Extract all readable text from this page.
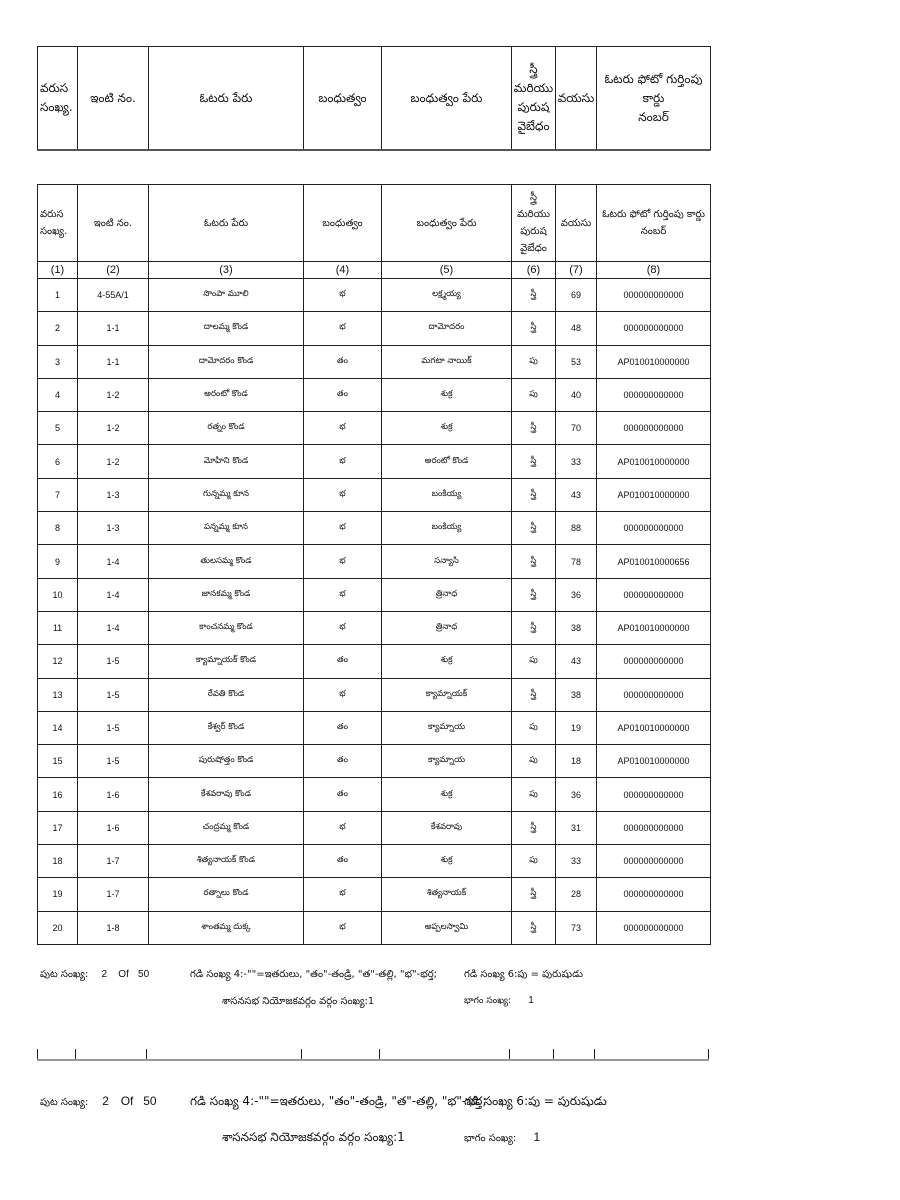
వరుస
సంఖ్య.	ఇంటి నం.	ఓటరు పేరు	బంధుత్వం	బంధుత్వం పేరు	స్త్రీ
మరియు
పురుష
వైబేధం	వయసు	ఓటరు ఫోటో గుర్తింపు కార్డు
నంబర్
వరుస
సంఖ్య.	ఇంటి నం.	ఓటరు పేరు	బంధుత్వం	బంధుత్వం పేరు	స్త్రీ
మరియు
పురుష
వైబేధం	వయసు	ఓటరు ఫోటో గుర్తింపు కార్డు
నంబర్
(1)	(2)	(3)	(4)	(5)	(6)	(7)	(8)
1	4-55A/1	సొంపా మూలి	భ	లక్ష్మయ్య	స్త్రీ	69	000000000000
2	1-1	దాలమ్మ కొండ	భ	దామోదరం	స్త్రీ	48	000000000000
3	1-1	దామోదరం కొండ	తం	మగటా నాయిక్	పు	53	AP010010000000
4	1-2	అరంటో కొండ	తం	శుక్ర	పు	40	000000000000
5	1-2	రత్నం కొండ	భ	శుక్ర	స్త్రీ	70	000000000000
6	1-2	మోహిని కొండ	భ	అరంటో కొండ	స్త్రీ	33	AP010010000000
7	1-3	గున్నమ్మ కూన	భ	బంకియ్య	స్త్రీ	43	AP010010000000
8	1-3	పన్నమ్మ కూన	భ	బంకియ్య	స్త్రీ	88	000000000000
9	1-4	తులసమ్మ కొండ	భ	సన్యాసి	స్త్రీ	78	AP010010000656
10	1-4	జానకమ్మ కొండ	భ	త్రినాధ	స్త్రీ	36	000000000000
11	1-4	కాంచనమ్మ కొండ	భ	త్రినాధ	స్త్రీ	38	AP010010000000
12	1-5	క్యామ్నాయక్ కొండ	తం	శుక్ర	పు	43	000000000000
13	1-5	రేవతి కొండ	భ	క్యామ్నాయక్	స్త్రీ	38	000000000000
14	1-5	కేశ్వర్ కొండ	తం	క్యామ్నాయ	పు	19	AP010010000000
15	1-5	పురుషోత్తం కొండ	తం	క్యామ్నాయ	పు	18	AP010010000000
16	1-6	కేశవరావు కొండ	తం	శుక్ర	పు	36	000000000000
17	1-6	చంద్రమ్మ కొండ	భ	కేశవరావు	స్త్రీ	31	000000000000
18	1-7	శిత్యనాయక్ కొండ	తం	శుక్ర	పు	33	000000000000
19	1-7	రత్నాలు కొండ	భ	శిత్యనాయక్	స్త్రీ	28	000000000000
20	1-8	శాంతమ్మ దుక్క	భ	అప్పలస్వామి	స్త్రీ	73	000000000000
పుట సంఖ్య: 2 Of 50	గడి సంఖ్య 4:-""=ఇతరులు, "తం"-తండ్రి, "త"-తల్లి, "భ"-భర్త;	గడి సంఖ్య 6:పు = పురుషుడు
శాసనసభ నియోజకవర్గం వర్గం సంఖ్య:1	భాగం సంఖ్య: 1

పుట సంఖ్య: 2 Of 50	గడి సంఖ్య 4:-""=ఇతరులు, "తం"-తండ్రి, "త"-తల్లి, "భ"-భర్త;
గడి సంఖ్య 6:పు = పురుషుడు
శాసనసభ నియోజకవర్గం వర్గం సంఖ్య:1	భాగం సంఖ్య: 1
